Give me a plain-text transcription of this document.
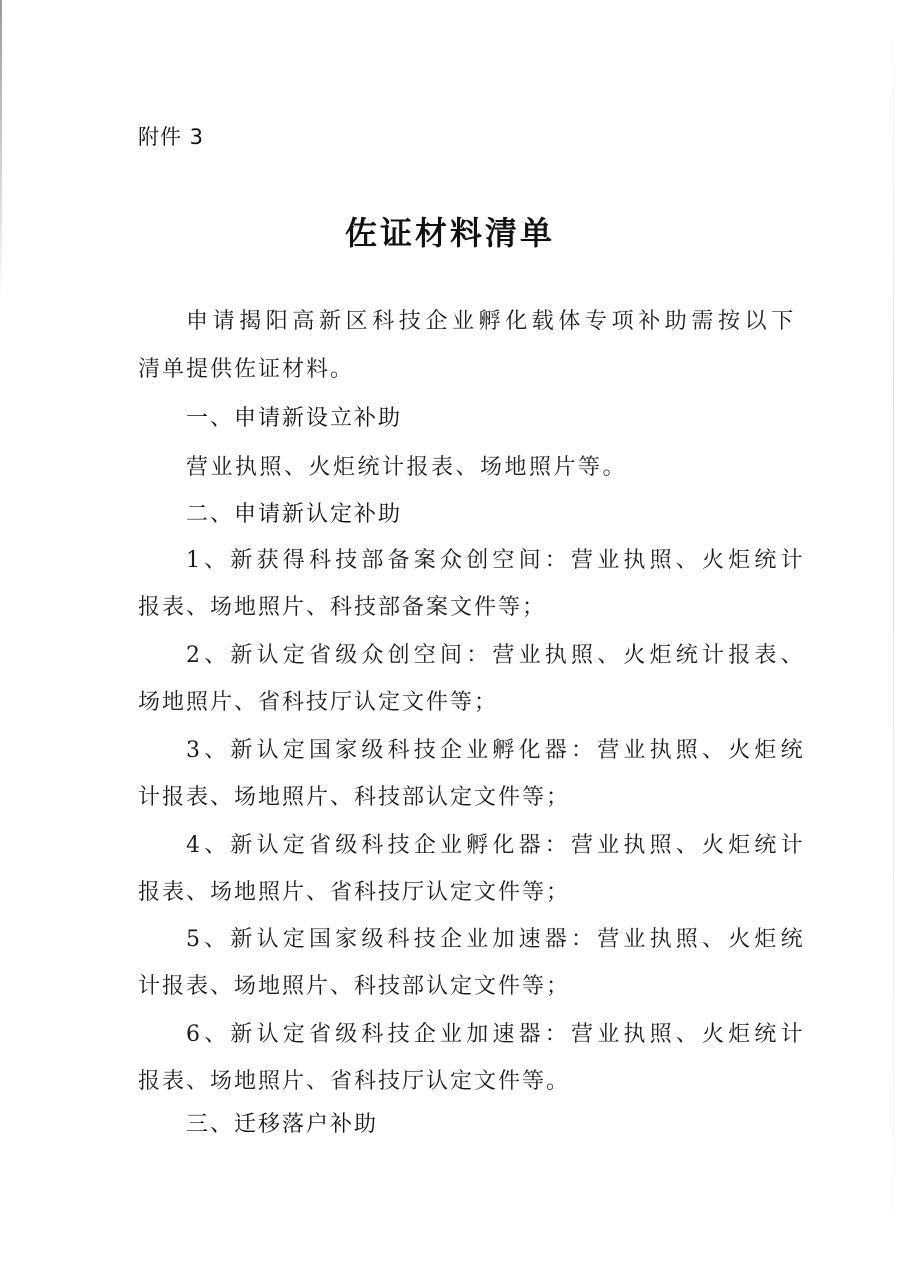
附件 3
佐证材料清单
申请揭阳高新区科技企业孵化载体专项补助需按以下
清单提供佐证材料。
一、申请新设立补助
营业执照、火炬统计报表、场地照片等。
二、申请新认定补助
1、新获得科技部备案众创空间：营业执照、火炬统计
报表、场地照片、科技部备案文件等；
2、新认定省级众创空间：营业执照、火炬统计报表、
场地照片、省科技厅认定文件等；
3、新认定国家级科技企业孵化器：营业执照、火炬统
计报表、场地照片、科技部认定文件等；
4、新认定省级科技企业孵化器：营业执照、火炬统计
报表、场地照片、省科技厅认定文件等；
5、新认定国家级科技企业加速器：营业执照、火炬统
计报表、场地照片、科技部认定文件等；
6、新认定省级科技企业加速器：营业执照、火炬统计
报表、场地照片、省科技厅认定文件等。
三、迁移落户补助
